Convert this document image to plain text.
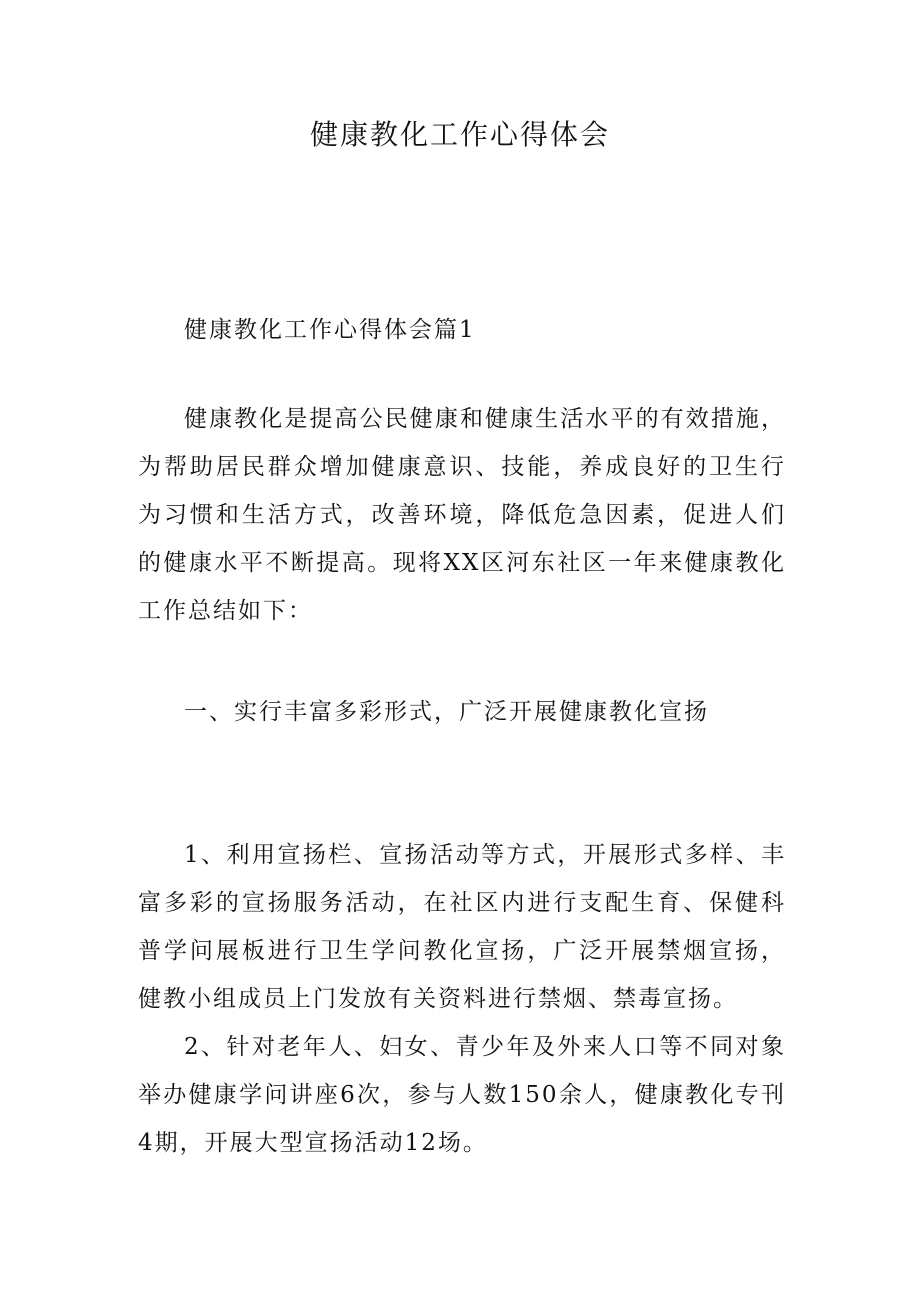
健康教化工作心得体会
健康教化工作心得体会篇1

健康教化是提高公民健康和健康生活水平的有效措施，为帮助居民群众增加健康意识、技能，养成良好的卫生行为习惯和生活方式，改善环境，降低危急因素，促进人们的健康水平不断提高。现将XX区河东社区一年来健康教化工作总结如下：

一、实行丰富多彩形式，广泛开展健康教化宣扬

1、利用宣扬栏、宣扬活动等方式，开展形式多样、丰富多彩的宣扬服务活动，在社区内进行支配生育、保健科普学问展板进行卫生学问教化宣扬，广泛开展禁烟宣扬，健教小组成员上门发放有关资料进行禁烟、禁毒宣扬。

2、针对老年人、妇女、青少年及外来人口等不同对象举办健康学问讲座6次，参与人数150余人，健康教化专刊4期，开展大型宣扬活动12场。
